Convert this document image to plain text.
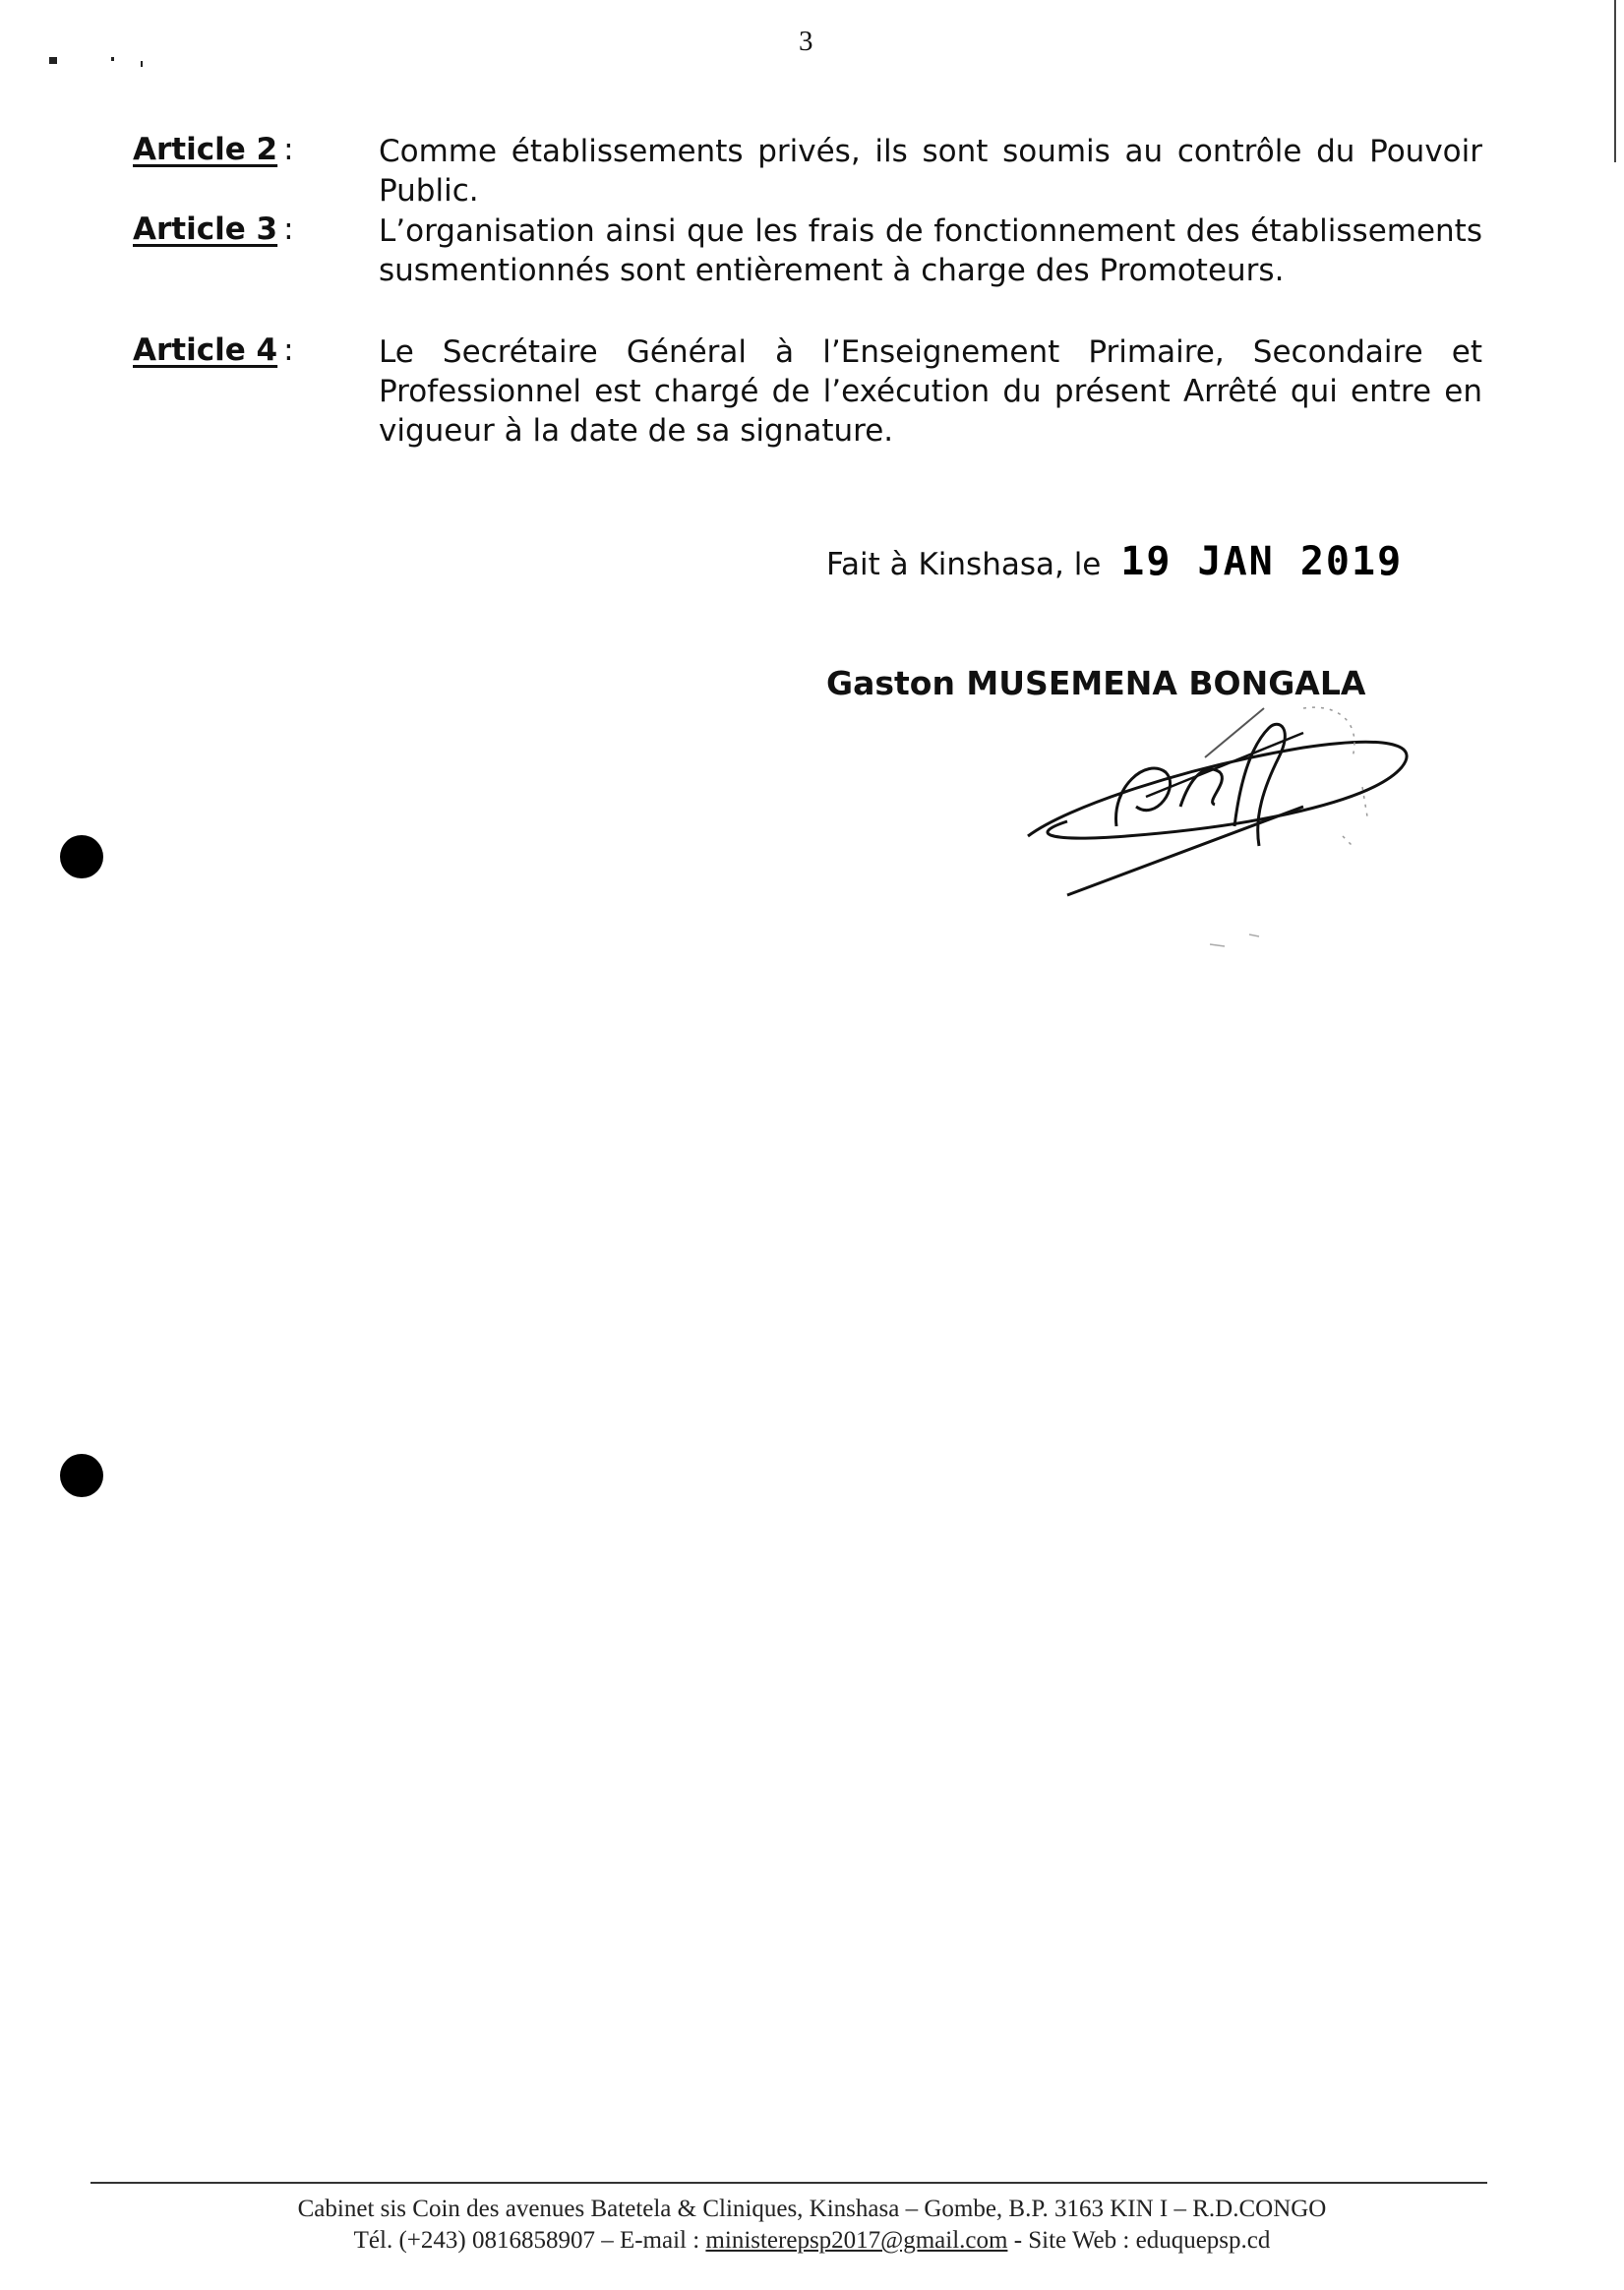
3
Article 2 :	Comme établissements privés, ils sont soumis au contrôle du Pouvoir Public.
Article 3 :	L’organisation ainsi que les frais de fonctionnement des établissements susmentionnés sont entièrement à charge des Promoteurs.
Article 4 :	Le Secrétaire Général à l’Enseignement Primaire, Secondaire et Professionnel est chargé de l’exécution du présent Arrêté qui entre en vigueur à la date de sa signature.
Fait à Kinshasa, le 19 JAN 2019
Gaston MUSEMENA BONGALA
Cabinet sis Coin des avenues Batetela & Cliniques, Kinshasa – Gombe, B.P. 3163 KIN I – R.D.CONGO
Tél. (+243) 0816858907 – E-mail : ministerepsp2017@gmail.com - Site Web : eduquepsp.cd
